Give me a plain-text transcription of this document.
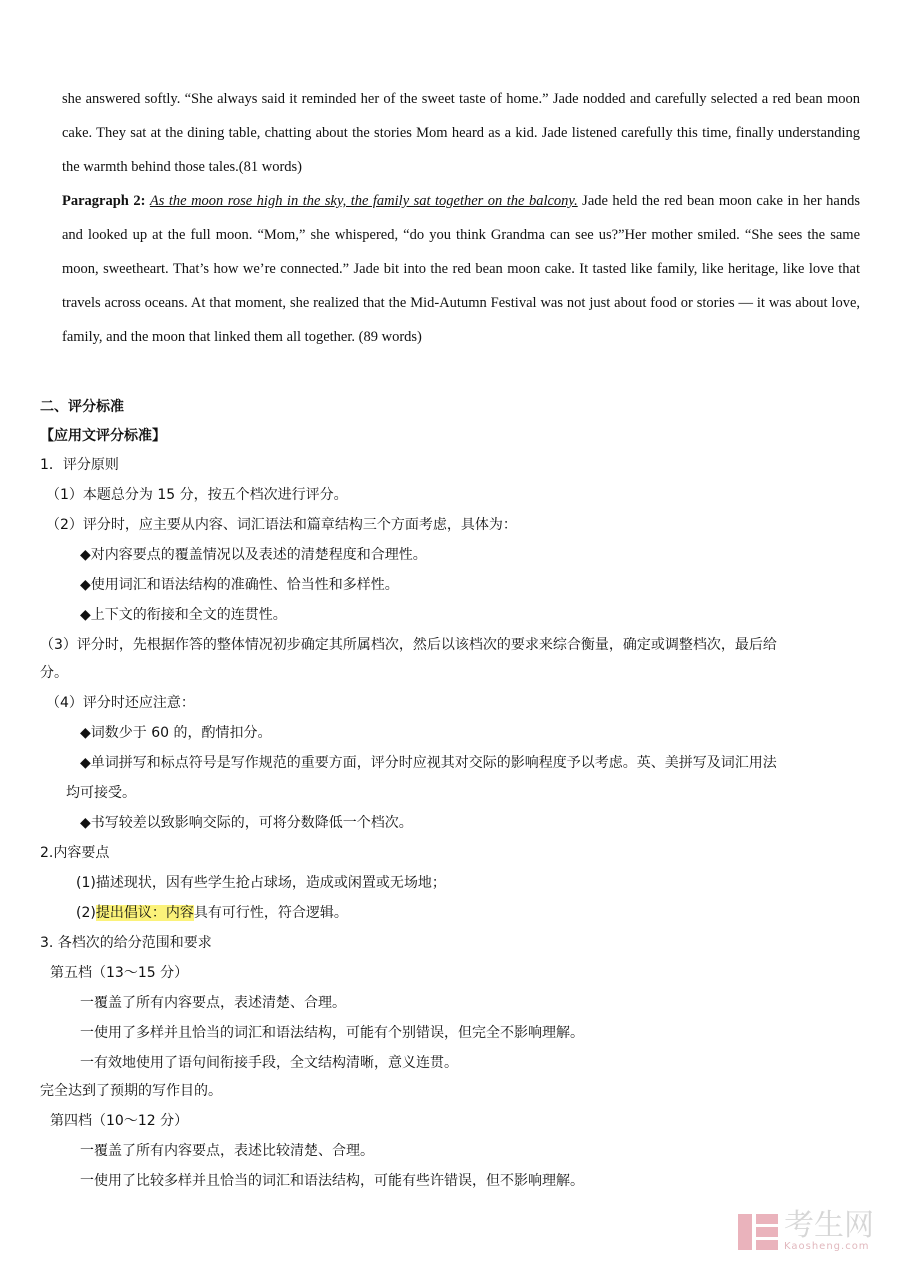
she answered softly. “She always said it reminded her of the sweet taste of home.” Jade nodded and carefully selected a red bean moon cake. They sat at the dining table, chatting about the stories Mom heard as a kid. Jade listened carefully this time, finally understanding the warmth behind those tales.(81 words)

Paragraph 2: As the moon rose high in the sky, the family sat together on the balcony. Jade held the red bean moon cake in her hands and looked up at the full moon. “Mom,” she whispered, “do you think Grandma can see us?”Her mother smiled. “She sees the same moon, sweetheart. That’s how we’re connected.” Jade bit into the red bean moon cake. It tasted like family, like heritage, like love that travels across oceans. At that moment, she realized that the Mid-Autumn Festival was not just about food or stories — it was about love, family, and the moon that linked them all together. (89 words)

二、评分标准
【应用文评分标准】
1．评分原则
（1）本题总分为 15 分，按五个档次进行评分。
（2）评分时，应主要从内容、词汇语法和篇章结构三个方面考虑，具体为：
◆对内容要点的覆盖情况以及表述的清楚程度和合理性。
◆使用词汇和语法结构的准确性、恰当性和多样性。
◆上下文的衔接和全文的连贯性。
（3）评分时，先根据作答的整体情况初步确定其所属档次，然后以该档次的要求来综合衡量，确定或调整档次，最后给
分。
（4）评分时还应注意：
◆词数少于 60 的，酌情扣分。
◆单词拼写和标点符号是写作规范的重要方面，评分时应视其对交际的影响程度予以考虑。英、美拼写及词汇用法
均可接受。
◆书写较差以致影响交际的，可将分数降低一个档次。
2.内容要点
(1)描述现状，因有些学生抢占球场，造成或闲置或无场地；
(2)提出倡议：内容具有可行性，符合逻辑。
3. 各档次的给分范围和要求
第五档（13～15 分）
一覆盖了所有内容要点，表述清楚、合理。
一使用了多样并且恰当的词汇和语法结构，可能有个别错误，但完全不影响理解。
一有效地使用了语句间衔接手段，全文结构清晰，意义连贯。
完全达到了预期的写作目的。
第四档（10～12 分）
一覆盖了所有内容要点，表述比较清楚、合理。
一使用了比较多样并且恰当的词汇和语法结构，可能有些许错误，但不影响理解。
考生网
Kaosheng.com
